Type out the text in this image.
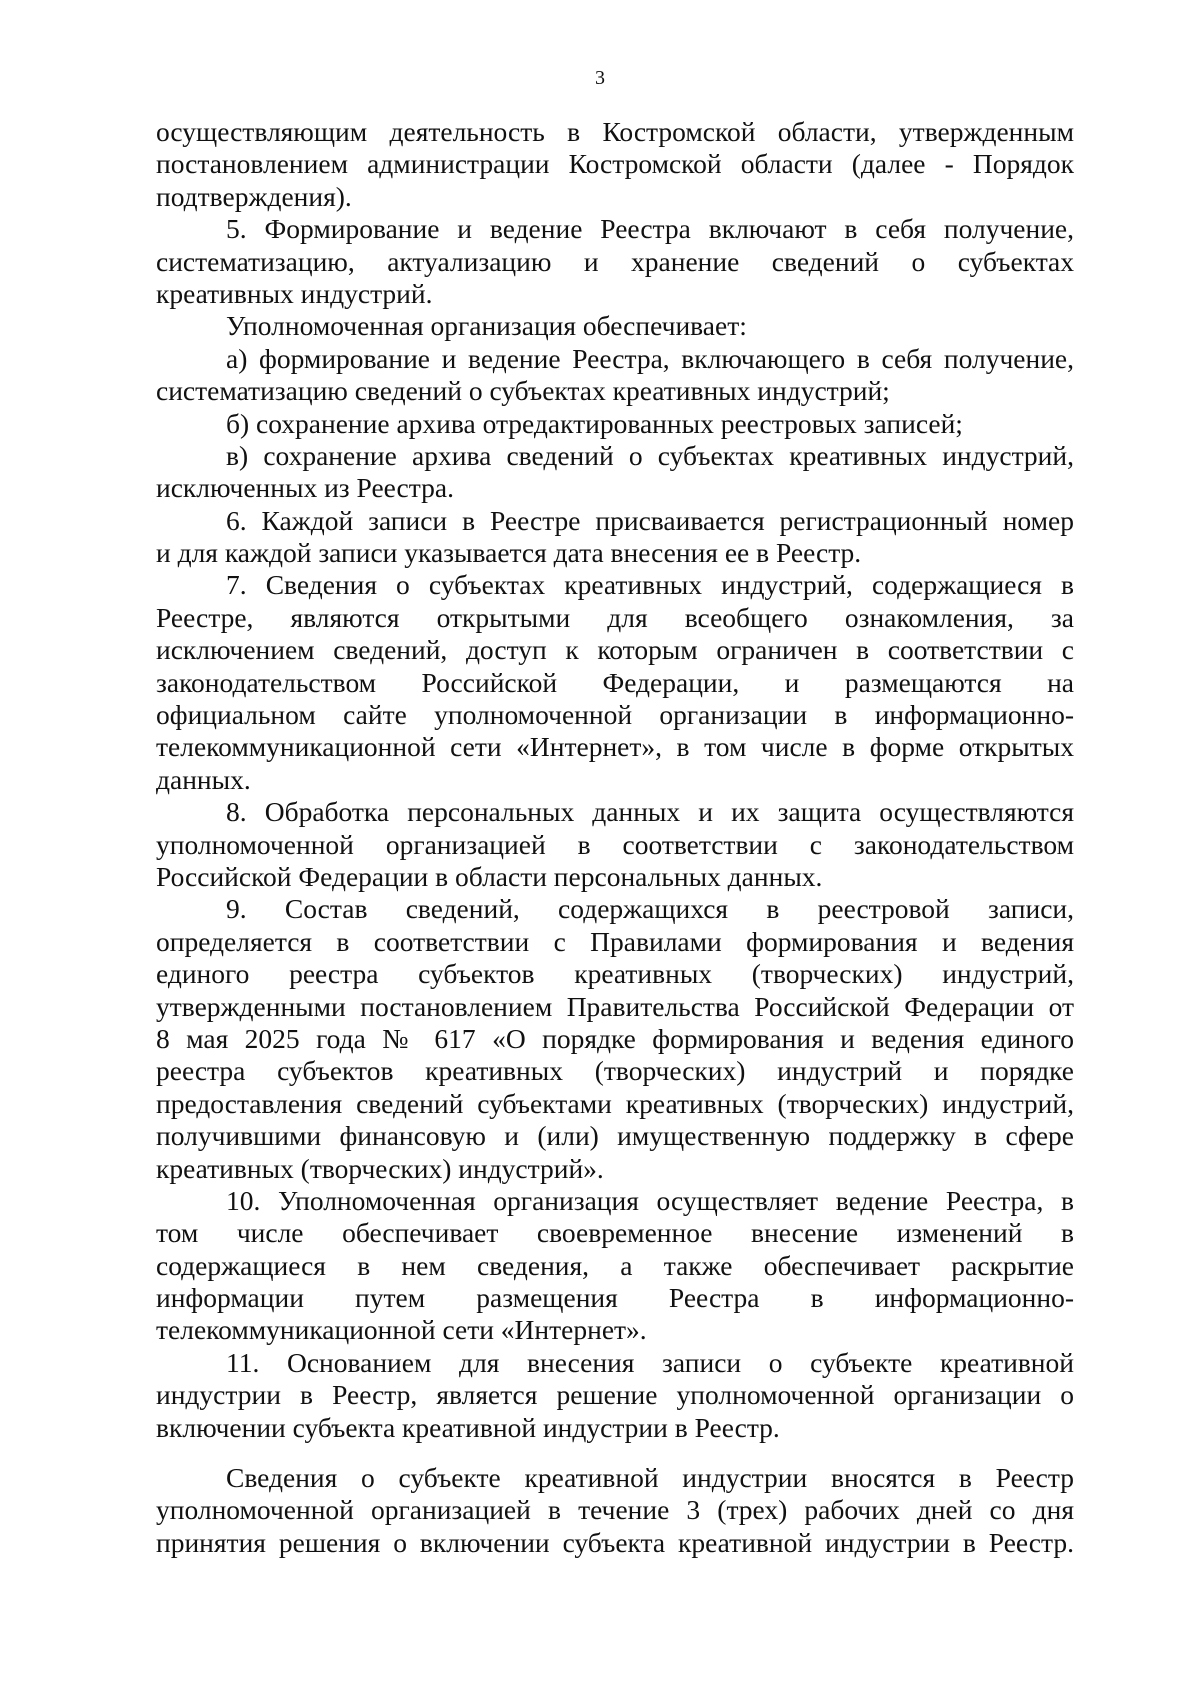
3
осуществляющим деятельность в Костромской области, утвержденным
постановлением администрации Костромской области (далее - Порядок
подтверждения).
5. Формирование и ведение Реестра включают в себя получение,
систематизацию, актуализацию и хранение сведений о субъектах
креативных индустрий.
Уполномоченная организация обеспечивает:
а) формирование и ведение Реестра, включающего в себя получение,
систематизацию сведений о субъектах креативных индустрий;
б) сохранение архива отредактированных реестровых записей;
в) сохранение архива сведений о субъектах креативных индустрий,
исключенных из Реестра.
6. Каждой записи в Реестре присваивается регистрационный номер
и для каждой записи указывается дата внесения ее в Реестр.
7. Сведения о субъектах креативных индустрий, содержащиеся в
Реестре, являются открытыми для всеобщего ознакомления, за
исключением сведений, доступ к которым ограничен в соответствии с
законодательством Российской Федерации, и размещаются на
официальном сайте уполномоченной организации в информационно-
телекоммуникационной сети «Интернет», в том числе в форме открытых
данных.
8. Обработка персональных данных и их защита осуществляются
уполномоченной организацией в соответствии с законодательством
Российской Федерации в области персональных данных.
9. Состав сведений, содержащихся в реестровой записи,
определяется в соответствии с Правилами формирования и ведения
единого реестра субъектов креативных (творческих) индустрий,
утвержденными постановлением Правительства Российской Федерации от
8 мая 2025 года № 617 «О порядке формирования и ведения единого
реестра субъектов креативных (творческих) индустрий и порядке
предоставления сведений субъектами креативных (творческих) индустрий,
получившими финансовую и (или) имущественную поддержку в сфере
креативных (творческих) индустрий».
10. Уполномоченная организация осуществляет ведение Реестра, в
том числе обеспечивает своевременное внесение изменений в
содержащиеся в нем сведения, а также обеспечивает раскрытие
информации путем размещения Реестра в информационно-
телекоммуникационной сети «Интернет».
11. Основанием для внесения записи о субъекте креативной
индустрии в Реестр, является решение уполномоченной организации о
включении субъекта креативной индустрии в Реестр.
Сведения о субъекте креативной индустрии вносятся в Реестр
уполномоченной организацией в течение 3 (трех) рабочих дней со дня
принятия решения о включении субъекта креативной индустрии в Реестр.
